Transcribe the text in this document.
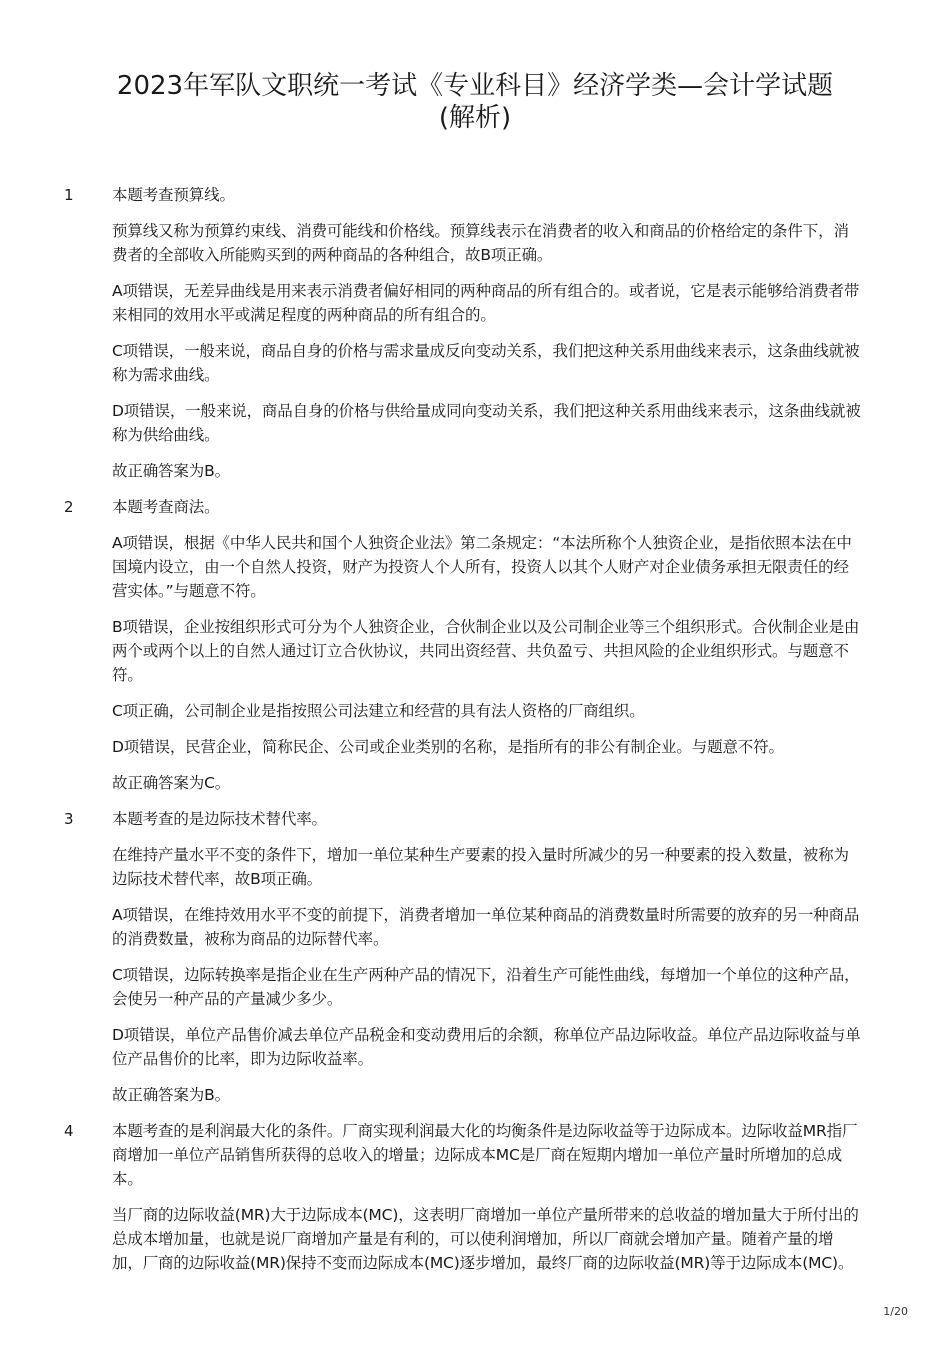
2023年军队文职统一考试《专业科目》经济学类—会计学试题
(解析)
1 本题考查预算线。

预算线又称为预算约束线、消费可能线和价格线。预算线表示在消费者的收入和商品的价格给定的条件下，消费者的全部收入所能购买到的两种商品的各种组合，故B项正确。

A项错误，无差异曲线是用来表示消费者偏好相同的两种商品的所有组合的。或者说，它是表示能够给消费者带来相同的效用水平或满足程度的两种商品的所有组合的。

C项错误，一般来说，商品自身的价格与需求量成反向变动关系，我们把这种关系用曲线来表示，这条曲线就被称为需求曲线。

D项错误，一般来说，商品自身的价格与供给量成同向变动关系，我们把这种关系用曲线来表示，这条曲线就被称为供给曲线。

故正确答案为B。

2 本题考查商法。

A项错误，根据《中华人民共和国个人独资企业法》第二条规定：“本法所称个人独资企业，是指依照本法在中国境内设立，由一个自然人投资，财产为投资人个人所有，投资人以其个人财产对企业债务承担无限责任的经营实体。”与题意不符。

B项错误，企业按组织形式可分为个人独资企业，合伙制企业以及公司制企业等三个组织形式。合伙制企业是由两个或两个以上的自然人通过订立合伙协议，共同出资经营、共负盈亏、共担风险的企业组织形式。与题意不符。

C项正确，公司制企业是指按照公司法建立和经营的具有法人资格的厂商组织。

D项错误，民营企业，简称民企、公司或企业类别的名称，是指所有的非公有制企业。与题意不符。

故正确答案为C。

3 本题考查的是边际技术替代率。

在维持产量水平不变的条件下，增加一单位某种生产要素的投入量时所减少的另一种要素的投入数量，被称为边际技术替代率，故B项正确。

A项错误，在维持效用水平不变的前提下，消费者增加一单位某种商品的消费数量时所需要的放弃的另一种商品的消费数量，被称为商品的边际替代率。

C项错误，边际转换率是指企业在生产两种产品的情况下，沿着生产可能性曲线，每增加一个单位的这种产品，会使另一种产品的产量减少多少。

D项错误，单位产品售价减去单位产品税金和变动费用后的余额，称单位产品边际收益。单位产品边际收益与单位产品售价的比率，即为边际收益率。

故正确答案为B。

4 本题考查的是利润最大化的条件。厂商实现利润最大化的均衡条件是边际收益等于边际成本。边际收益MR指厂商增加一单位产品销售所获得的总收入的增量；边际成本MC是厂商在短期内增加一单位产量时所增加的总成本。

当厂商的边际收益(MR)大于边际成本(MC)，这表明厂商增加一单位产量所带来的总收益的增加量大于所付出的总成本增加量，也就是说厂商增加产量是有利的，可以使利润增加，所以厂商就会增加产量。随着产量的增加，厂商的边际收益(MR)保持不变而边际成本(MC)逐步增加，最终厂商的边际收益(MR)等于边际成本(MC)。

1/20
